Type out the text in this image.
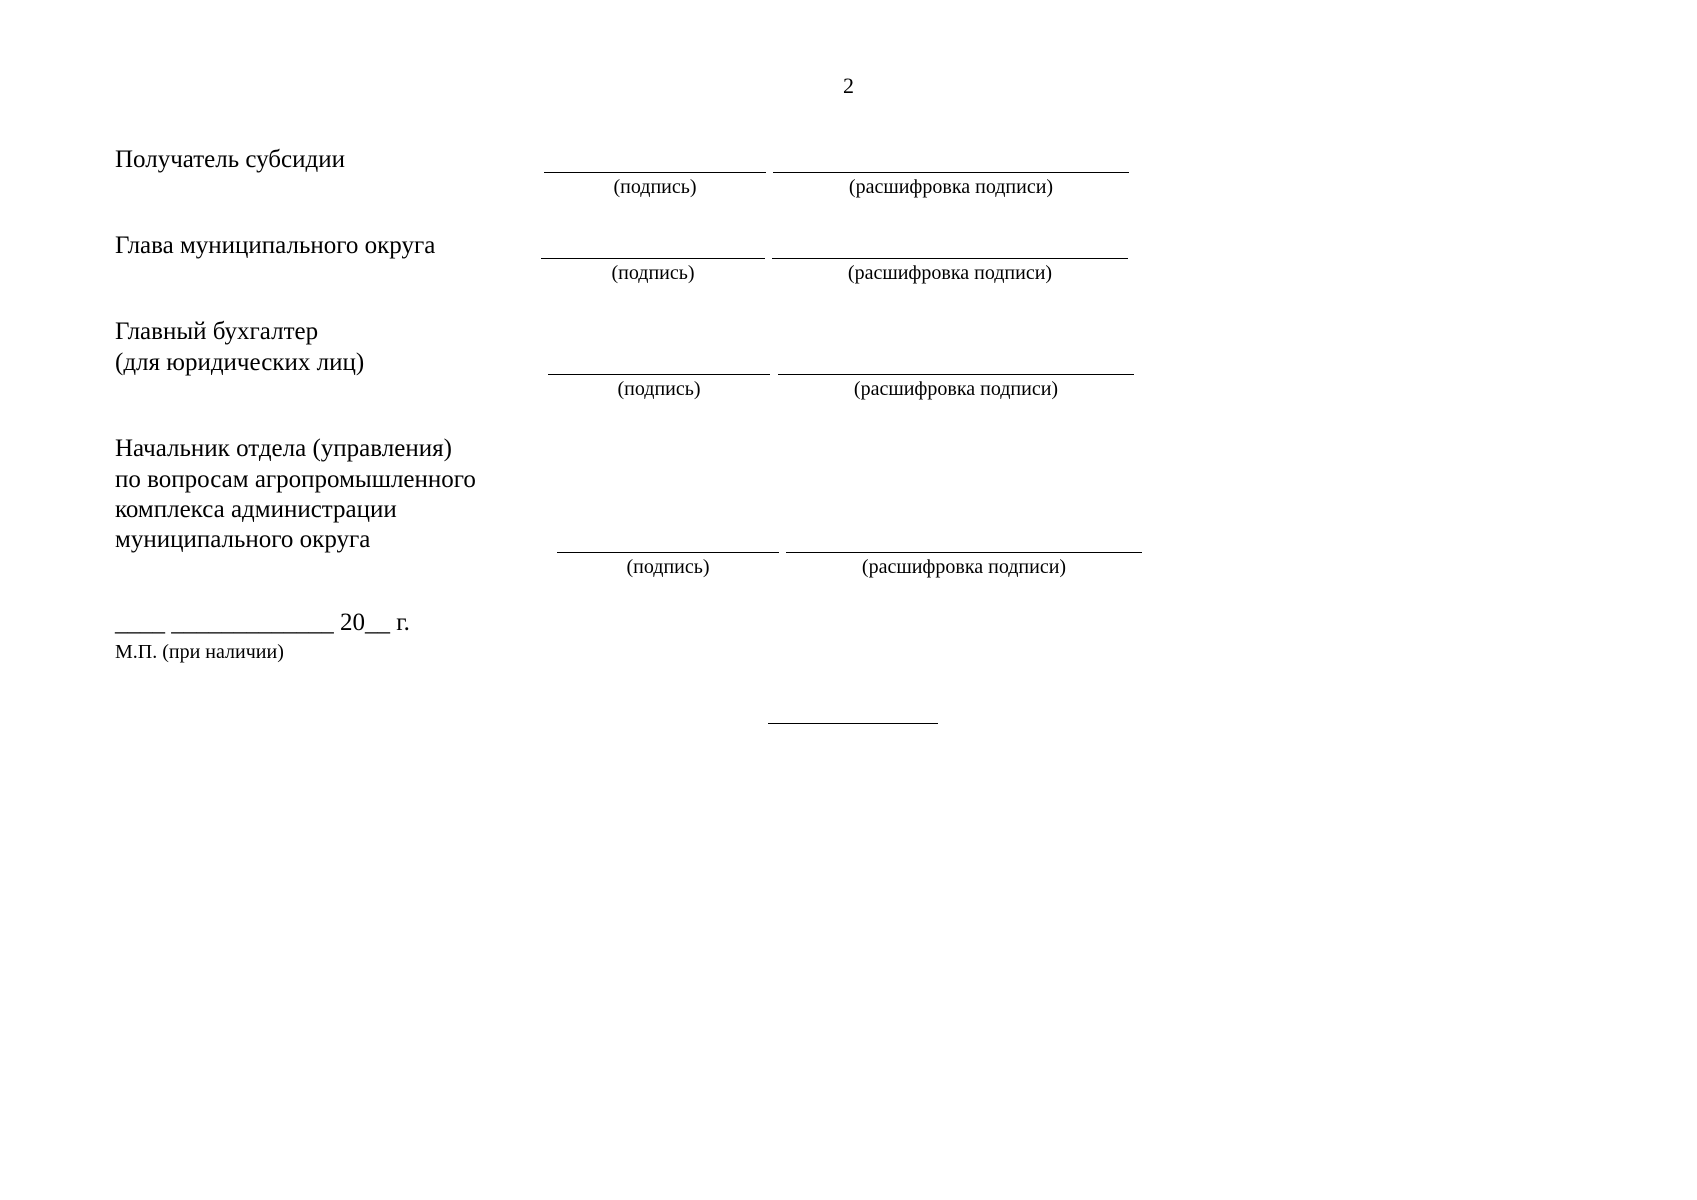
2
Получатель субсидии
(подпись)	(расшифровка подписи)
Глава муниципального округа
(подпись)	(расшифровка подписи)
Главный бухгалтер
(для юридических лиц)
(подпись)	(расшифровка подписи)
Начальник отдела (управления)
по вопросам агропромышленного
комплекса администрации
муниципального округа
(подпись)	(расшифровка подписи)
____ _____________ 20__ г.
М.П. (при наличии)
